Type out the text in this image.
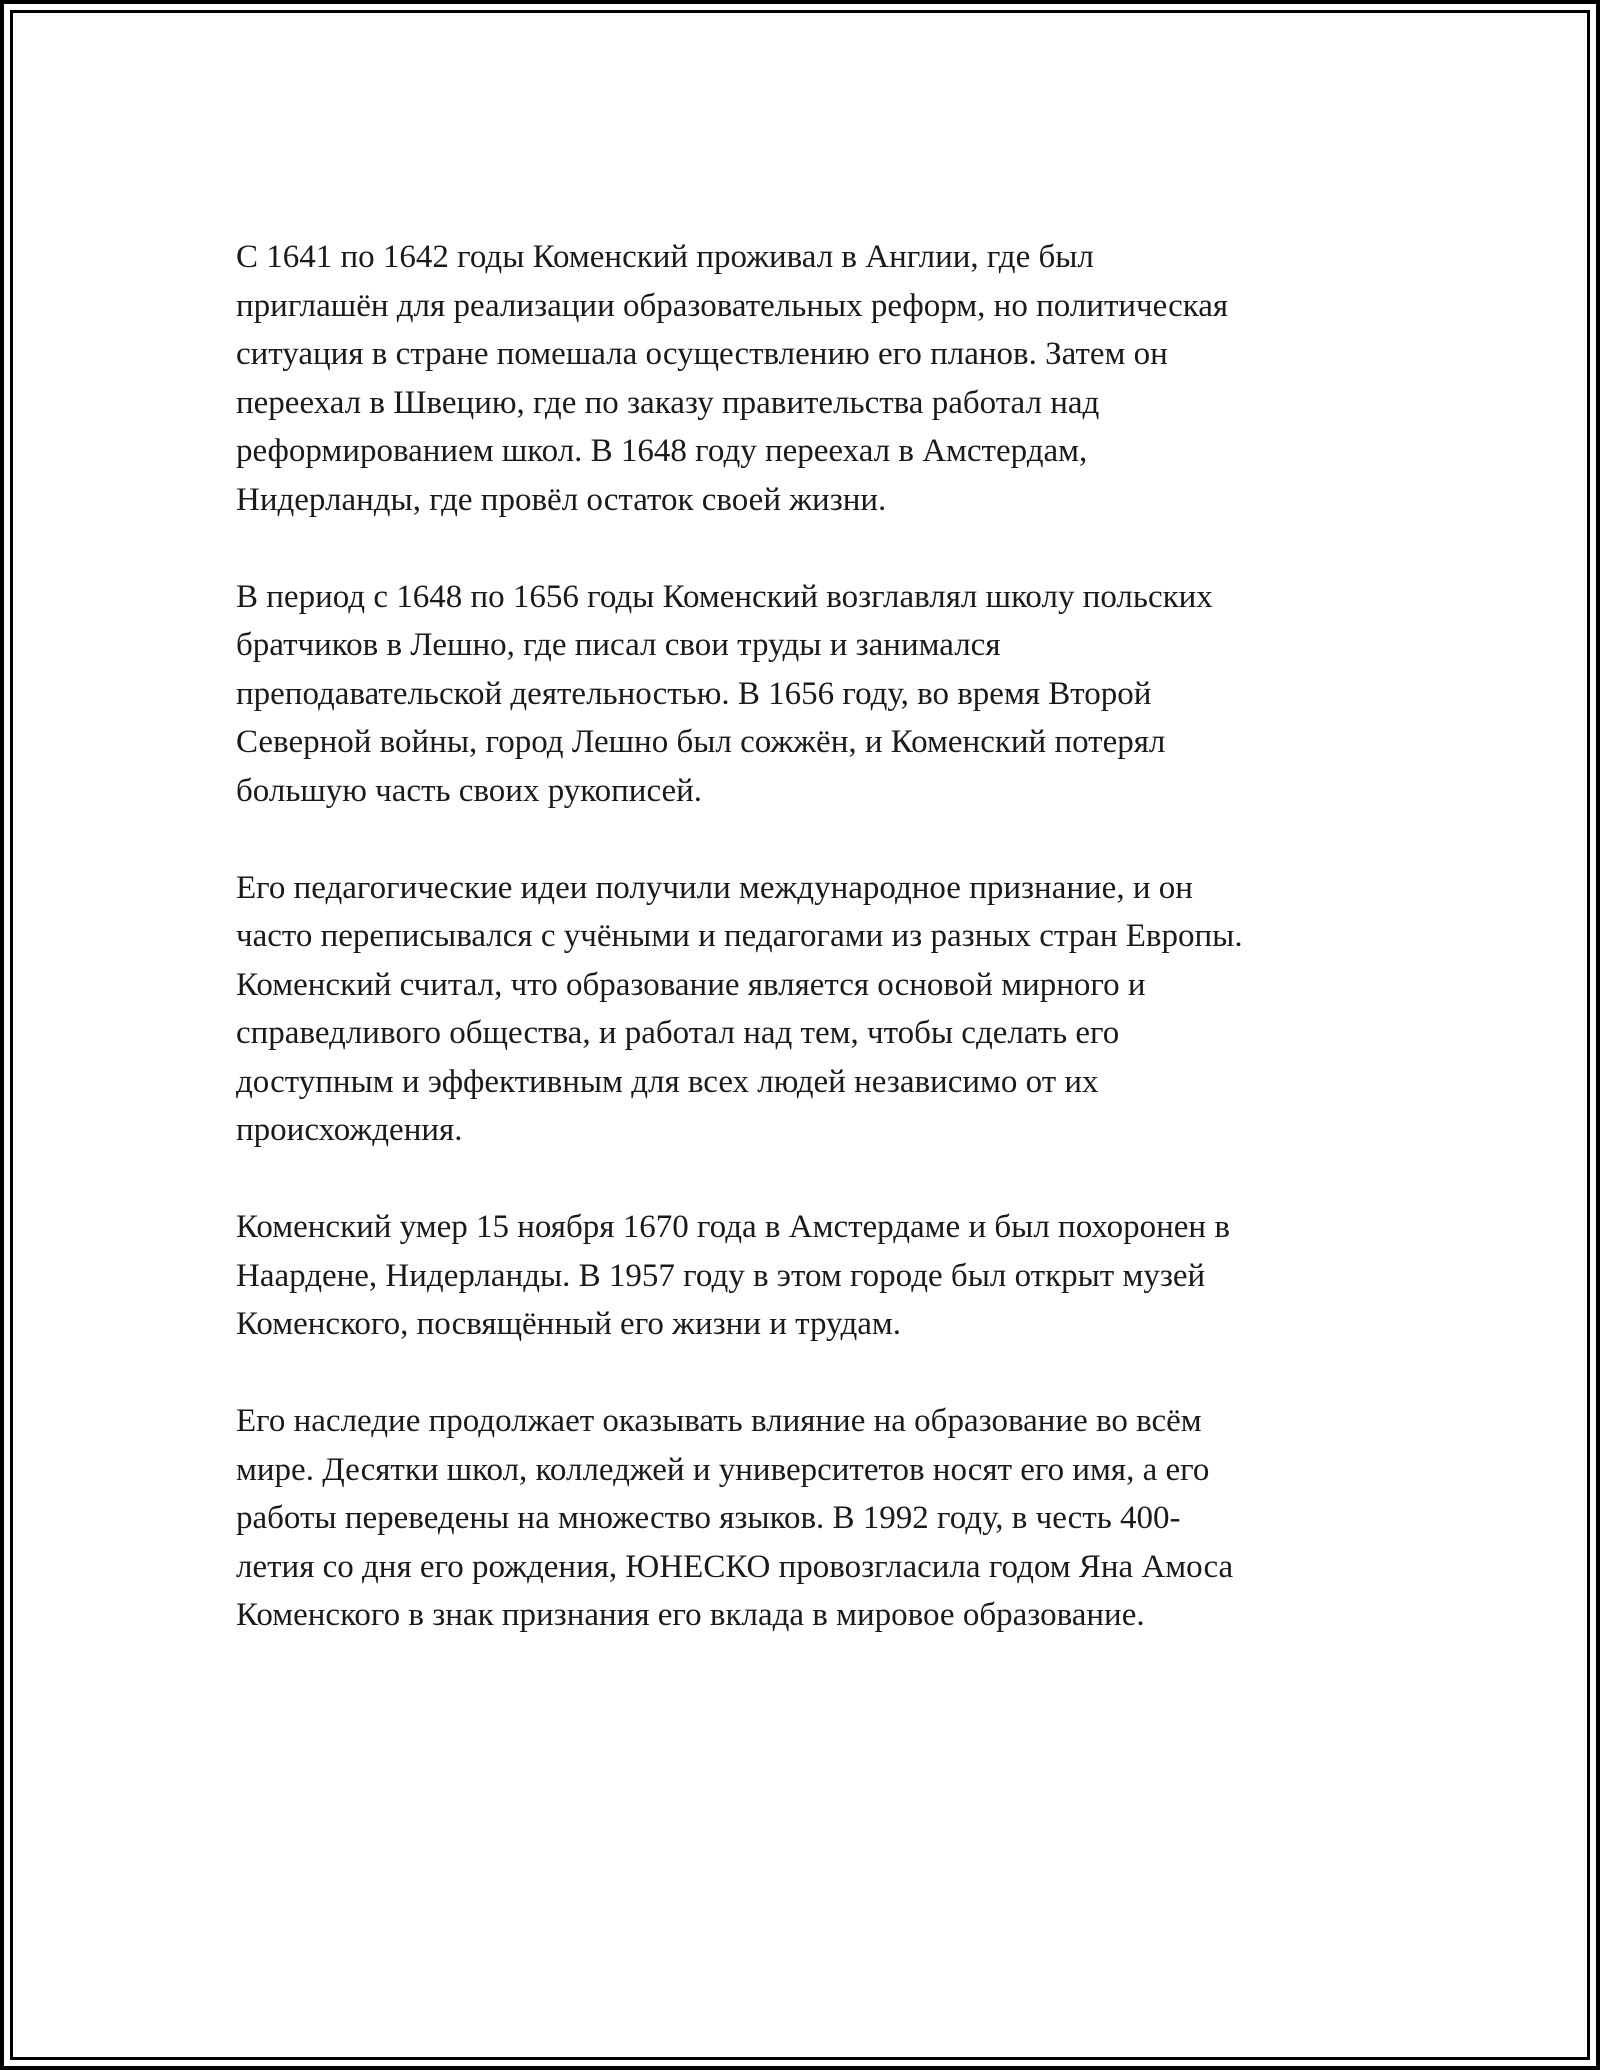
С 1641 по 1642 годы Коменский проживал в Англии, где был
приглашён для реализации образовательных реформ, но политическая
ситуация в стране помешала осуществлению его планов. Затем он
переехал в Швецию, где по заказу правительства работал над
реформированием школ. В 1648 году переехал в Амстердам,
Нидерланды, где провёл остаток своей жизни.

В период с 1648 по 1656 годы Коменский возглавлял школу польских
братчиков в Лешно, где писал свои труды и занимался
преподавательской деятельностью. В 1656 году, во время Второй
Северной войны, город Лешно был сожжён, и Коменский потерял
большую часть своих рукописей.

Его педагогические идеи получили международное признание, и он
часто переписывался с учёными и педагогами из разных стран Европы.
Коменский считал, что образование является основой мирного и
справедливого общества, и работал над тем, чтобы сделать его
доступным и эффективным для всех людей независимо от их
происхождения.

Коменский умер 15 ноября 1670 года в Амстердаме и был похоронен в
Наардене, Нидерланды. В 1957 году в этом городе был открыт музей
Коменского, посвящённый его жизни и трудам.

Его наследие продолжает оказывать влияние на образование во всём
мире. Десятки школ, колледжей и университетов носят его имя, а его
работы переведены на множество языков. В 1992 году, в честь 400-
летия со дня его рождения, ЮНЕСКО провозгласила годом Яна Амоса
Коменского в знак признания его вклада в мировое образование.
